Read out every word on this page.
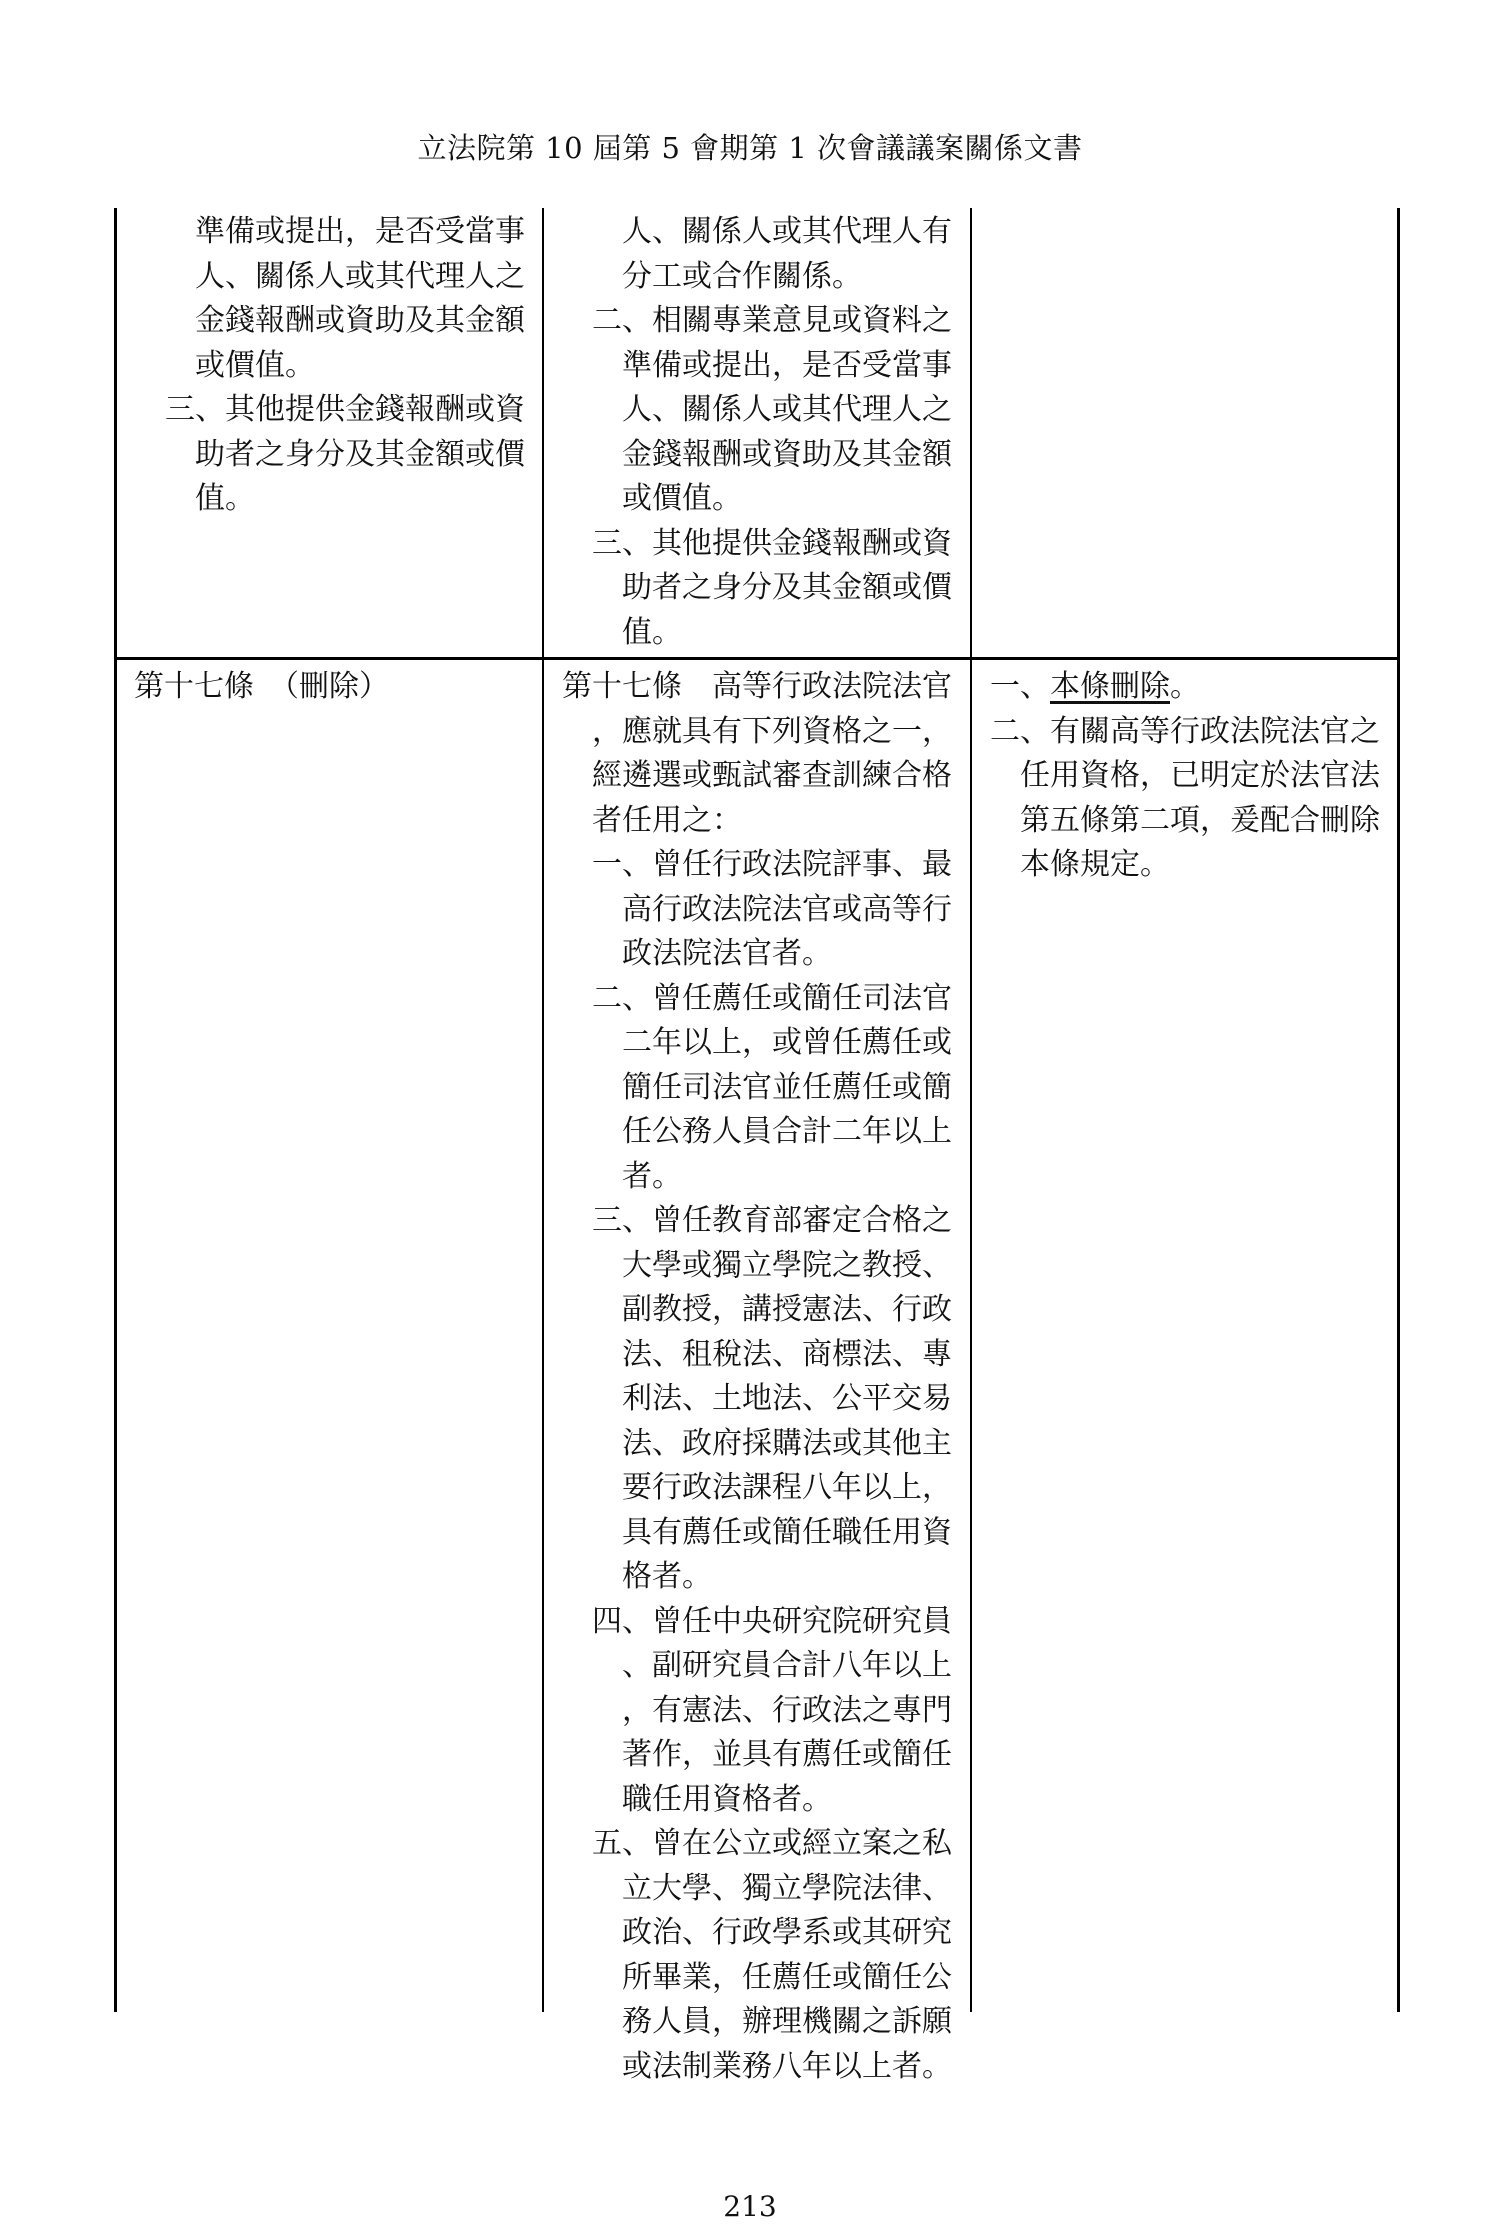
立法院第 10 屆第 5 會期第 1 次會議議案關係文書
準備或提出，是否受當事
人、關係人或其代理人之
金錢報酬或資助及其金額
或價值。
三、其他提供金錢報酬或資
助者之身分及其金額或價
值。
人、關係人或其代理人有
分工或合作關係。
二、相關專業意見或資料之
準備或提出，是否受當事
人、關係人或其代理人之
金錢報酬或資助及其金額
或價值。
三、其他提供金錢報酬或資
助者之身分及其金額或價
值。
第十七條　（刪除）	第十七條　高等行政法院法官
，應就具有下列資格之一，
經遴選或甄試審查訓練合格
者任用之：
一、曾任行政法院評事、最
高行政法院法官或高等行
政法院法官者。
二、曾任薦任或簡任司法官
二年以上，或曾任薦任或
簡任司法官並任薦任或簡
任公務人員合計二年以上
者。
三、曾任教育部審定合格之
大學或獨立學院之教授、
副教授，講授憲法、行政
法、租稅法、商標法、專
利法、土地法、公平交易
法、政府採購法或其他主
要行政法課程八年以上，
具有薦任或簡任職任用資
格者。
四、曾任中央研究院研究員
、副研究員合計八年以上
，有憲法、行政法之專門
著作，並具有薦任或簡任
職任用資格者。
五、曾在公立或經立案之私
立大學、獨立學院法律、
政治、行政學系或其研究
所畢業，任薦任或簡任公
務人員，辦理機關之訴願
或法制業務八年以上者。
一、本條刪除。
二、有關高等行政法院法官之
任用資格，已明定於法官法
第五條第二項，爰配合刪除
本條規定。
213
